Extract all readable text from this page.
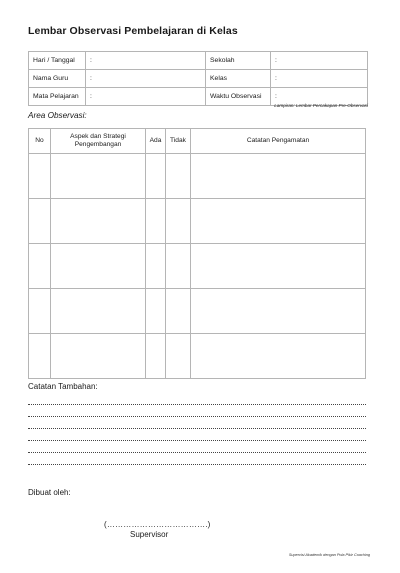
Lembar Observasi Pembelajaran di Kelas
Hari / Tanggal	:	Sekolah	:
Nama Guru	:	Kelas	:
Mata Pelajaran	:	Waktu Observasi	:
Lampiran: Lembar Percakapan Pre-Observasi
Area Observasi:
No	Aspek dan Strategi Pengembangan	Ada	Tidak	Catatan Pengamatan

Catatan Tambahan:
Dibuat oleh:
(……………………………….)
Supervisor
Supervisi Akademik dengan Pola Pikir Coaching
